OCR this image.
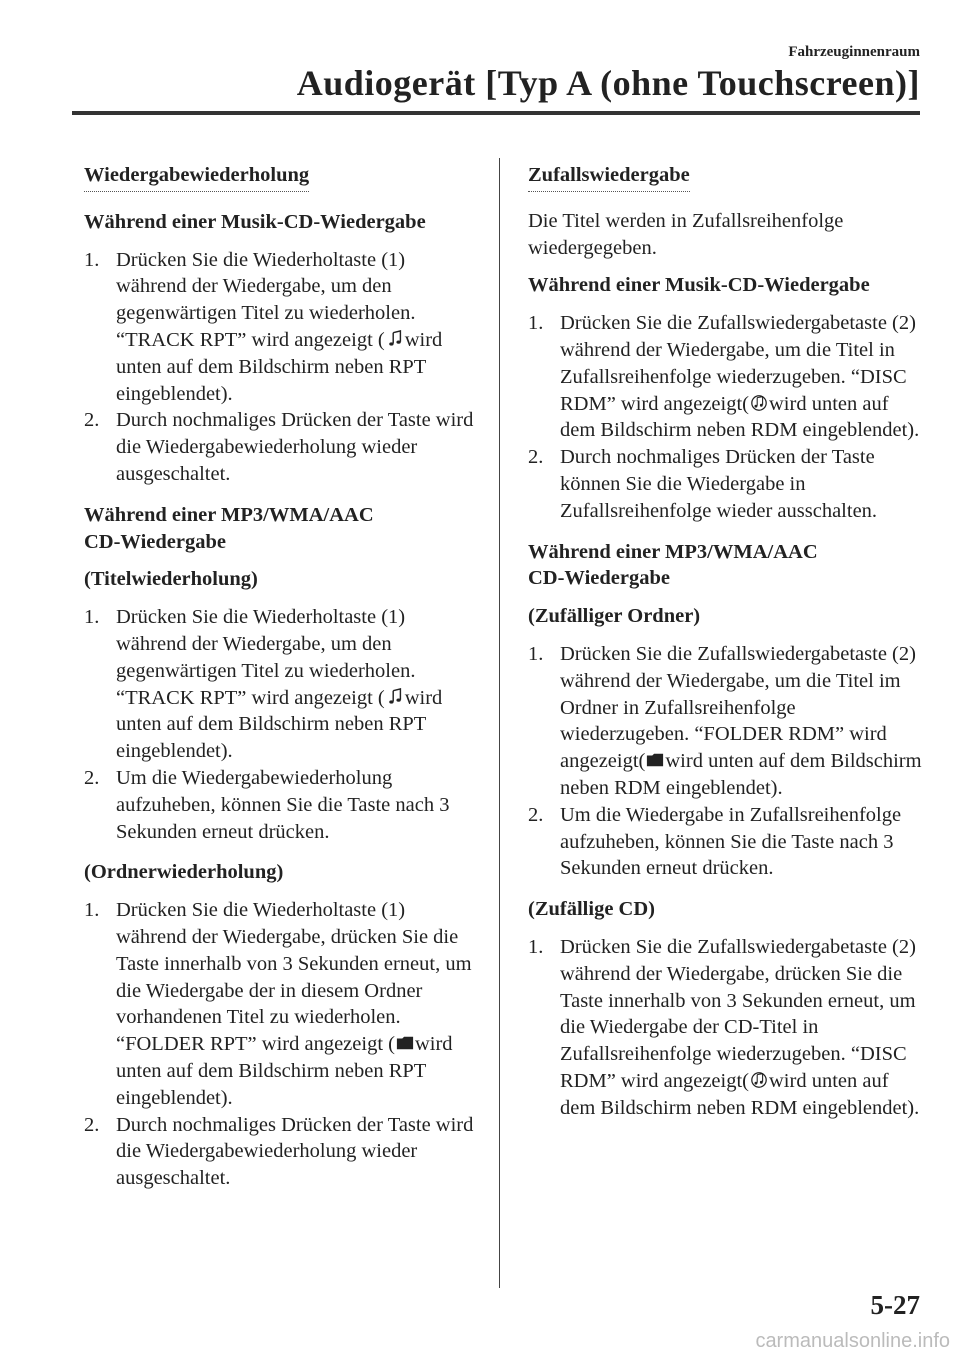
Fahrzeuginnenraum
Audiogerät [Typ A (ohne Touchscreen)]
Wiedergabewiederholung
Während einer Musik-CD-Wiedergabe
1. Drücken Sie die Wiederholtaste (1) während der Wiedergabe, um den gegenwärtigen Titel zu wiederholen. “TRACK RPT” wird angezeigt ( wird unten auf dem Bildschirm neben RPT eingeblendet).
2. Durch nochmaliges Drücken der Taste wird die Wiedergabewiederholung wieder ausgeschaltet.
Während einer MP3/WMA/AAC
CD-Wiedergabe
(Titelwiederholung)
1. Drücken Sie die Wiederholtaste (1) während der Wiedergabe, um den gegenwärtigen Titel zu wiederholen. “TRACK RPT” wird angezeigt ( wird unten auf dem Bildschirm neben RPT eingeblendet).
2. Um die Wiedergabewiederholung aufzuheben, können Sie die Taste nach 3 Sekunden erneut drücken.
(Ordnerwiederholung)
1. Drücken Sie die Wiederholtaste (1) während der Wiedergabe, drücken Sie die Taste innerhalb von 3 Sekunden erneut, um die Wiedergabe der in diesem Ordner vorhandenen Titel zu wiederholen. “FOLDER RPT” wird angezeigt ( wird unten auf dem Bildschirm neben RPT eingeblendet).
2. Durch nochmaliges Drücken der Taste wird die Wiedergabewiederholung wieder ausgeschaltet.
Zufallswiedergabe
Die Titel werden in Zufallsreihenfolge wiedergegeben.
Während einer Musik-CD-Wiedergabe
1. Drücken Sie die Zufallswiedergabetaste (2) während der Wiedergabe, um die Titel in Zufallsreihenfolge wiederzugeben. “DISC RDM” wird angezeigt( wird unten auf dem Bildschirm neben RDM eingeblendet).
2. Durch nochmaliges Drücken der Taste können Sie die Wiedergabe in Zufallsreihenfolge wieder ausschalten.
Während einer MP3/WMA/AAC
CD-Wiedergabe
(Zufälliger Ordner)
1. Drücken Sie die Zufallswiedergabetaste (2) während der Wiedergabe, um die Titel im Ordner in Zufallsreihenfolge wiederzugeben. “FOLDER RDM” wird angezeigt( wird unten auf dem Bildschirm neben RDM eingeblendet).
2. Um die Wiedergabe in Zufallsreihenfolge aufzuheben, können Sie die Taste nach 3 Sekunden erneut drücken.
(Zufällige CD)
1. Drücken Sie die Zufallswiedergabetaste (2) während der Wiedergabe, drücken Sie die Taste innerhalb von 3 Sekunden erneut, um die Wiedergabe der CD-Titel in Zufallsreihenfolge wiederzugeben. “DISC RDM” wird angezeigt( wird unten auf dem Bildschirm neben RDM eingeblendet).
5-27
carmanualsonline.info
